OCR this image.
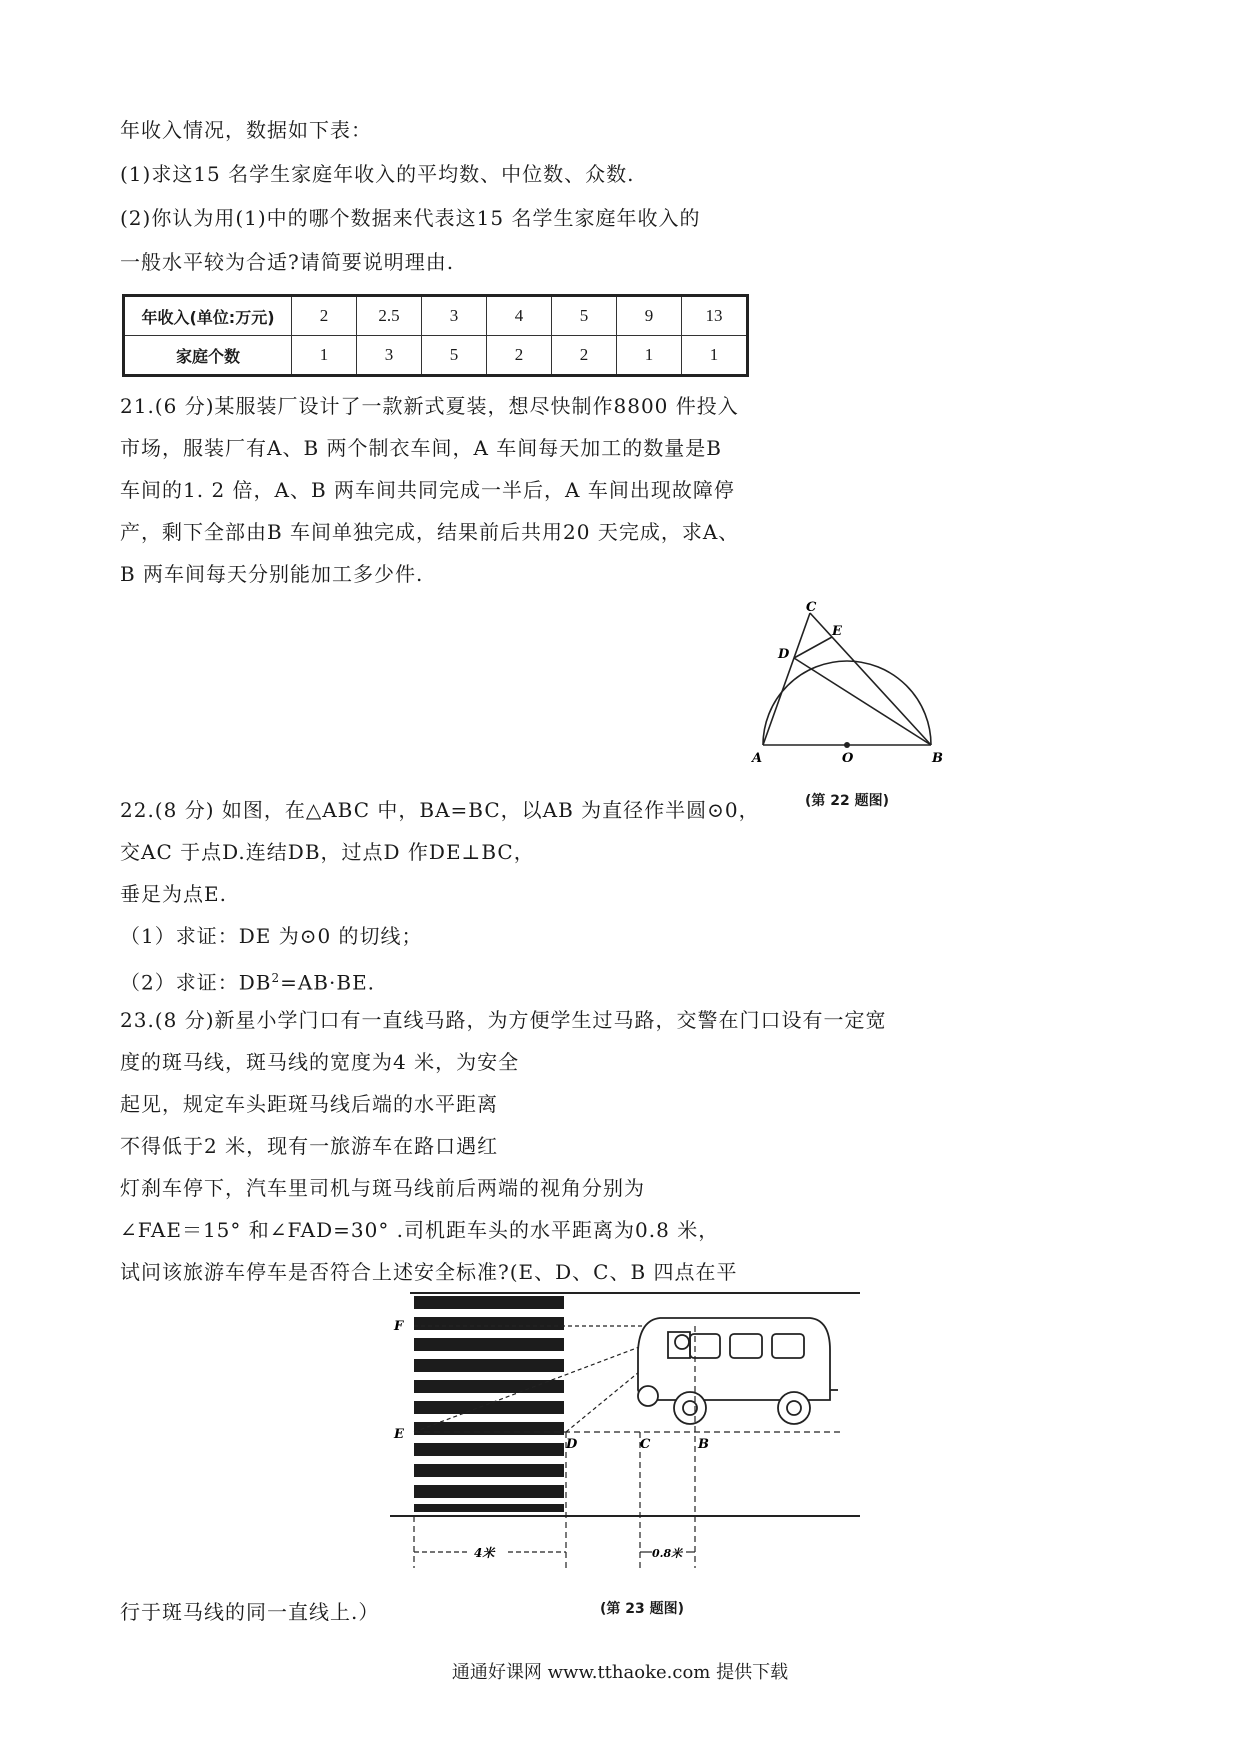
年收入情况，数据如下表：
(1)求这15 名学生家庭年收入的平均数、中位数、众数.
(2)你认为用(1)中的哪个数据来代表这15 名学生家庭年收入的
一般水平较为合适?请简要说明理由.
年收入(单位:万元)	2	2.5	3	4	5	9	13
家庭个数	1	3	5	2	2	1	1
21.(6 分)某服装厂设计了一款新式夏装，想尽快制作8800 件投入
市场，服装厂有A、B 两个制衣车间，A 车间每天加工的数量是B
车间的1. 2 倍，A、B 两车间共同完成一半后，A 车间出现故障停
产，剩下全部由B 车间单独完成，结果前后共用20 天完成，求A、
B 两车间每天分别能加工多少件.
A	B
C
D
E
O
(第 22 题图)
22.(8 分) 如图，在△ABC 中，BA=BC，以AB 为直径作半圆⊙0，
交AC 于点D.连结DB，过点D 作DE⊥BC，
垂足为点E.
（1）求证：DE 为⊙0 的切线；
（2）求证：$DB^2=AB\cdot BE$.
23.(8 分)新星小学门口有一直线马路，为方便学生过马路，交警在门口设有一定宽
度的斑马线，斑马线的宽度为4 米，为安全
起见，规定车头距斑马线后端的水平距离
不得低于2 米，现有一旅游车在路口遇红
灯刹车停下，汽车里司机与斑马线前后两端的视角分别为
∠FAE＝15° 和∠FAD=30° .司机距车头的水平距离为0.8 米，
试问该旅游车停车是否符合上述安全标准?(E、D、C、B 四点在平
行于斑马线的同一直线上.）
4米	0.8米
F
E
D	C	B
(第 23 题图)
通通好课网 www.tthaoke.com 提供下载
